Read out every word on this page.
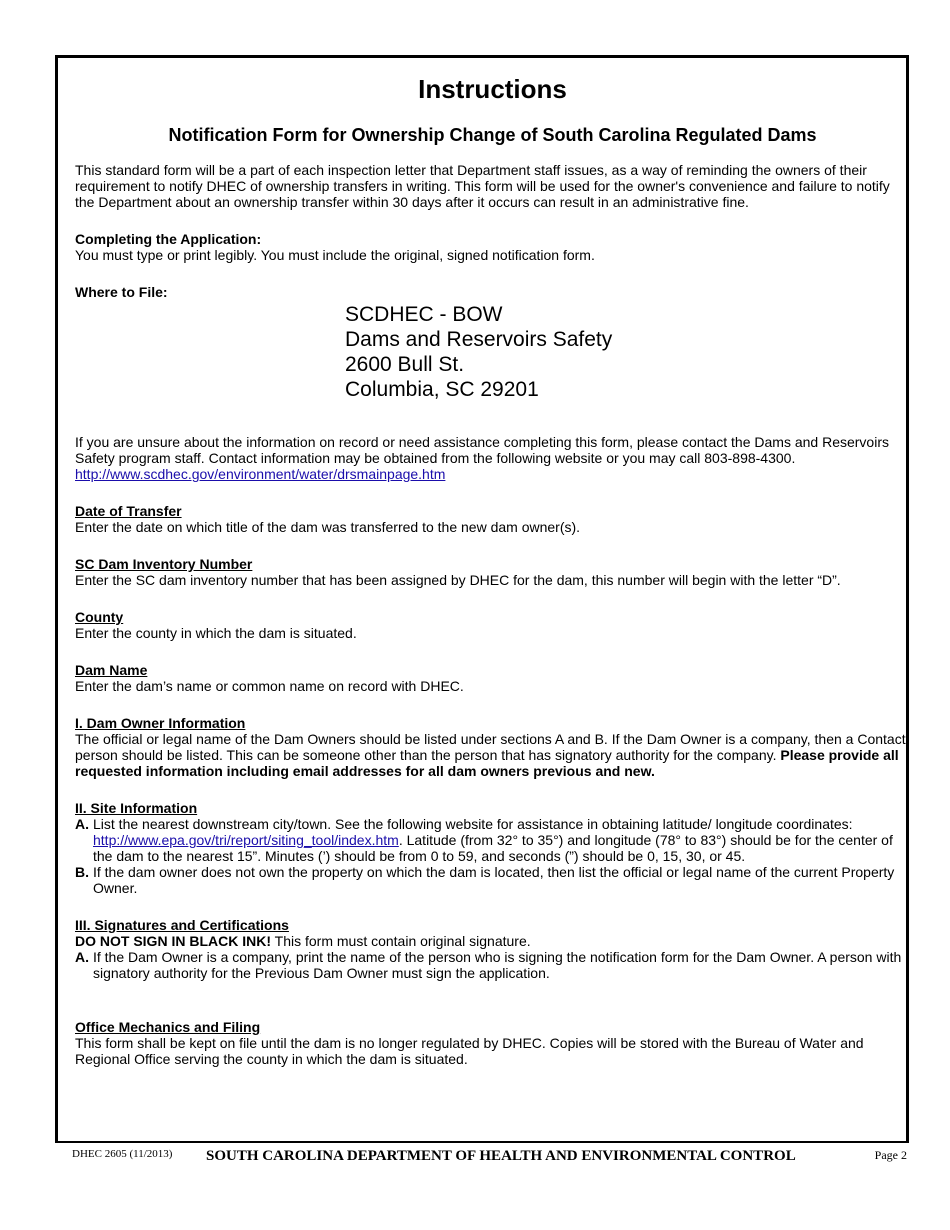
Instructions
Notification Form for Ownership Change of South Carolina Regulated Dams

This standard form will be a part of each inspection letter that Department staff issues, as a way of reminding the owners of their requirement to notify DHEC of ownership transfers in writing. This form will be used for the owner's convenience and failure to notify the Department about an ownership transfer within 30 days after it occurs can result in an administrative fine.

Completing the Application:

You must type or print legibly. You must include the original, signed notification form.

Where to File:

SCDHEC - BOW
Dams and Reservoirs Safety
2600 Bull St.
Columbia, SC 29201

If you are unsure about the information on record or need assistance completing this form, please contact the Dams and Reservoirs Safety program staff. Contact information may be obtained from the following website or you may call 803-898-4300.

http://www.scdhec.gov/environment/water/drsmainpage.htm

Date of Transfer

Enter the date on which title of the dam was transferred to the new dam owner(s).

SC Dam Inventory Number

Enter the SC dam inventory number that has been assigned by DHEC for the dam, this number will begin with the letter “D”.

County

Enter the county in which the dam is situated.

Dam Name

Enter the dam’s name or common name on record with DHEC.

I. Dam Owner Information

The official or legal name of the Dam Owners should be listed under sections A and B. If the Dam Owner is a company, then a Contact person should be listed. This can be someone other than the person that has signatory authority for the company. Please provide all requested information including email addresses for all dam owners previous and new.

II. Site Information

A. List the nearest downstream city/town. See the following website for assistance in obtaining latitude/ longitude coordinates: http://www.epa.gov/tri/report/siting_tool/index.htm. Latitude (from 32° to 35°) and longitude (78° to 83°) should be for the center of the dam to the nearest 15”. Minutes (’) should be from 0 to 59, and seconds (”) should be 0, 15, 30, or 45.
B. If the dam owner does not own the property on which the dam is located, then list the official or legal name of the current Property Owner.

III. Signatures and Certifications

DO NOT SIGN IN BLACK INK! This form must contain original signature.

A. If the Dam Owner is a company, print the name of the person who is signing the notification form for the Dam Owner. A person with signatory authority for the Previous Dam Owner must sign the application.

Office Mechanics and Filing

This form shall be kept on file until the dam is no longer regulated by DHEC. Copies will be stored with the Bureau of Water and Regional Office serving the county in which the dam is situated.

DHEC 2605 (11/2013) SOUTH CAROLINA DEPARTMENT OF HEALTH AND ENVIRONMENTAL CONTROL	Page 2
